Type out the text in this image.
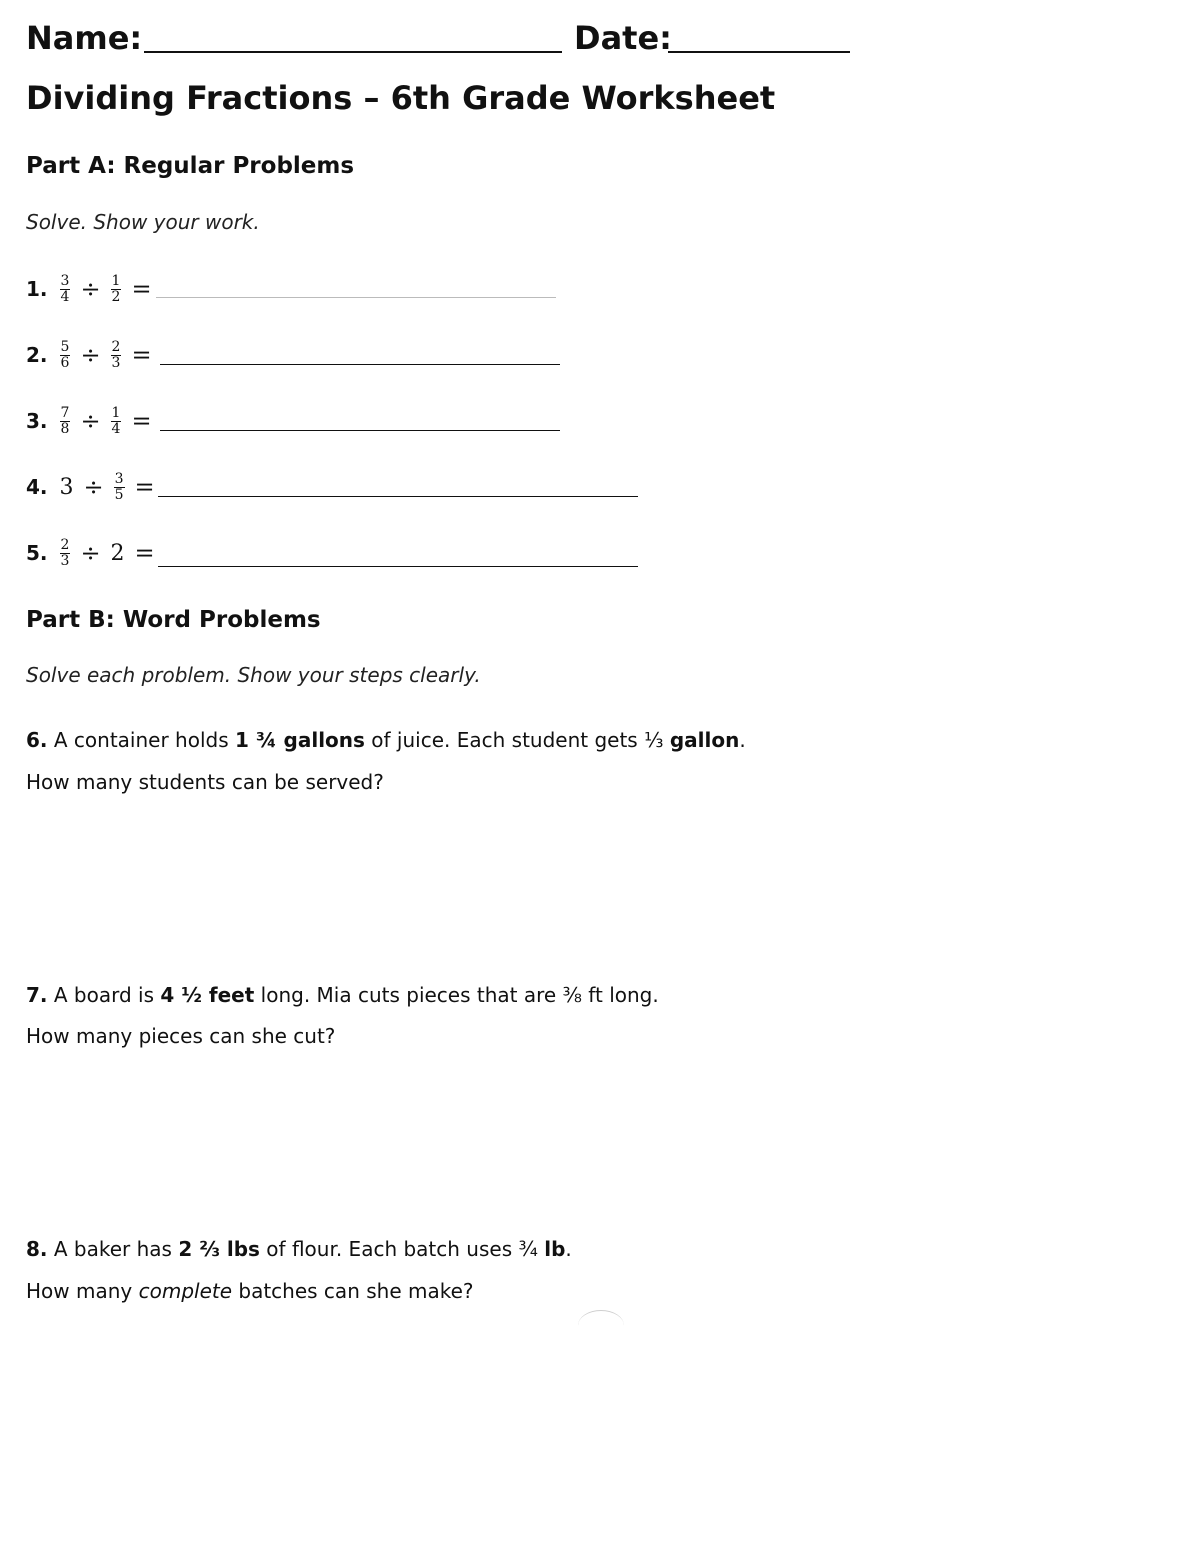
Name:	Date:
Dividing Fractions – 6th Grade Worksheet
Part A: Regular Problems
Solve. Show your work.
1. $\frac{3}{4} \div \frac{1}{2}$ =
2. $\frac{5}{6} \div \frac{2}{3}$ =
3. $\frac{7}{8} \div \frac{1}{4}$ =
4. $3 \div \frac{3}{5}$ =
5. $\frac{2}{3} \div 2$ =
Part B: Word Problems
Solve each problem. Show your steps clearly.
6. A container holds 1 ¾ gallons of juice. Each student gets ⅓ gallon.
How many students can be served?
7. A board is 4 ½ feet long. Mia cuts pieces that are ⅜ ft long.
How many pieces can she cut?
8. A baker has 2 ⅔ lbs of flour. Each batch uses ¾ lb.
How many complete batches can she make?
